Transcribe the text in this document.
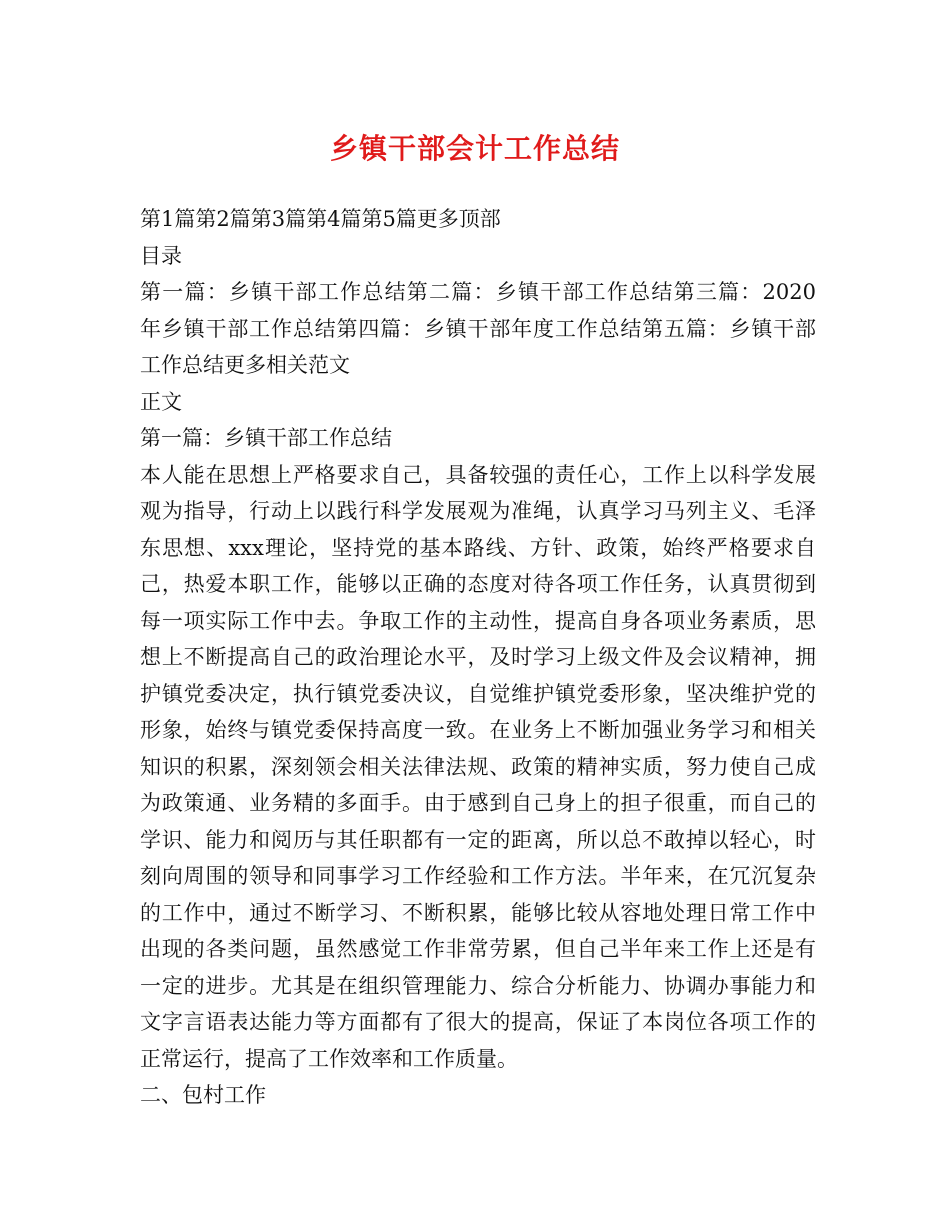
乡镇干部会计工作总结
第1篇第2篇第3篇第4篇第5篇更多顶部
目录
第一篇：乡镇干部工作总结第二篇：乡镇干部工作总结第三篇：2020
年乡镇干部工作总结第四篇：乡镇干部年度工作总结第五篇：乡镇干部
工作总结更多相关范文
正文
第一篇：乡镇干部工作总结
本人能在思想上严格要求自己，具备较强的责任心，工作上以科学发展
观为指导，行动上以践行科学发展观为准绳，认真学习马列主义、毛泽
东思想、xxx理论，坚持党的基本路线、方针、政策，始终严格要求自
己，热爱本职工作，能够以正确的态度对待各项工作任务，认真贯彻到
每一项实际工作中去。争取工作的主动性，提高自身各项业务素质，思
想上不断提高自己的政治理论水平，及时学习上级文件及会议精神，拥
护镇党委决定，执行镇党委决议，自觉维护镇党委形象，坚决维护党的
形象，始终与镇党委保持高度一致。在业务上不断加强业务学习和相关
知识的积累，深刻领会相关法律法规、政策的精神实质，努力使自己成
为政策通、业务精的多面手。由于感到自己身上的担子很重，而自己的
学识、能力和阅历与其任职都有一定的距离，所以总不敢掉以轻心，时
刻向周围的领导和同事学习工作经验和工作方法。半年来，在冗沉复杂
的工作中，通过不断学习、不断积累，能够比较从容地处理日常工作中
出现的各类问题，虽然感觉工作非常劳累，但自己半年来工作上还是有
一定的进步。尤其是在组织管理能力、综合分析能力、协调办事能力和
文字言语表达能力等方面都有了很大的提高，保证了本岗位各项工作的
正常运行，提高了工作效率和工作质量。
二、包村工作
